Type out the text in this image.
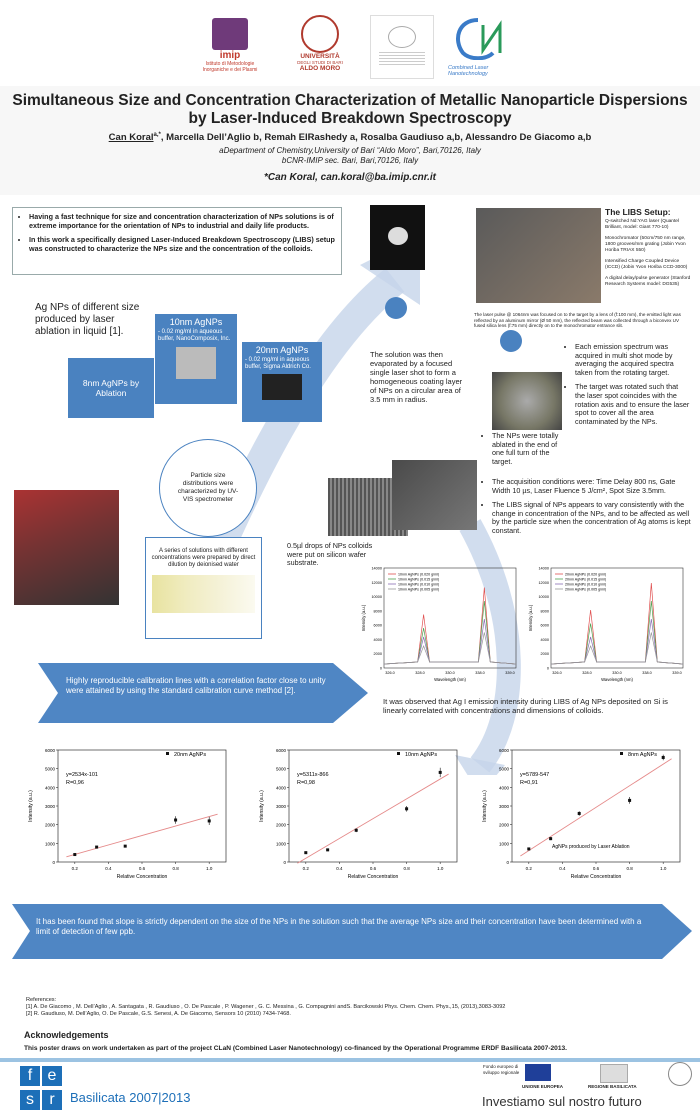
imip
Istituto di Metodologie Inorganiche e dei Plasmi
UNIVERSITÀ
DEGLI STUDI DI BARI
ALDO MORO	Combined Laser Nanotechnology
Simultaneous Size and Concentration Characterization of Metallic Nanoparticle Dispersions by Laser-Induced Breakdown Spectroscopy
Can Koral$^{a,*}$, Marcella Dell’Aglio b, Remah ElRashedy a, Rosalba Gaudiuso a,b, Alessandro De Giacomo a,b
aDepartment of Chemistry,University of Bari “Aldo Moro”, Bari,70126, Italy
bCNR-IMIP sec. Bari, Bari,70126, Italy
*Can Koral, can.koral@ba.imip.cnr.it
• Having a fast technique for size and concentration characterization of NPs solutions is of extreme importance for the orientation of NPs to industrial and daily life products.
• In this work a specifically designed Laser-Induced Breakdown Spectroscopy (LIBS) setup was constructed to characterize the NPs size and the concentration of the colloids.
The LIBS Setup:
Q-switched Nd:YAG laser (Quantel Brilliant, model: Giant 770-10)
Monochromator (50cm/750 nm range, 1800 grooves/mm grating (Jobin Yvon Horiba TRIAX 550)
Intensified Charge Coupled Device (ICCD) (Jobin Yvon Horiba CCD-3000)
A digital delay/pulse generator (Stanford Research Systems model: DG535)
The laser pulse @ 1064nm was focused on to the target by a lens of (f:100 mm), the emitted light was reflected by an aluminum mirror (Ø 50 mm), the reflected beam was collected through a biconvex UV fused silica lens (f:75 mm) directly on to the monochromator entrance slit.
Ag NPs of different size produced by laser ablation in liquid [1].
10nm AgNPs
- 0.02 mg/ml in aqueous buffer, NanoComposix, Inc.
20nm AgNPs
- 0.02 mg/ml in aqueous buffer, Sigma Aldrich Co.
8nm AgNPs by Ablation
Particle size distributions were characterized by UV-VIS spectrometer
A series of solutions with different concentrations were prepared by direct dilution by deionised water
The solution was then evaporated by a focused single laser shot to form a homogeneous coating layer of NPs on a circular area of 3.5 mm in radius.
0.5µl drops of NPs colloids were put on silicon wafer substrate.
• Each emission spectrum was acquired in multi shot mode by averaging the acquired spectra taken from the rotating target.
• The target was rotated such that the laser spot coincides with the rotation axis and to ensure the laser spot to cover all the area contaminated by the NPs.
• The NPs were totally ablated in the end of one full turn of the target.
• The acquisition conditions were: Time Delay 800 ns, Gate Width 10 µs, Laser Fluence 5 J/cm², Spot Size 3.5mm.
• The LIBS signal of NPs appears to vary consistently with the change in concentration of the NPs, and to be affected as well by the particle size when the concentration of Ag atoms is kept constant.
0
2000
4000
6000
8000
10000
12000
14000
326.0	328.0	330.0	338.0	339.0
10nm AgNPs (0.020 g/ml)
10nm AgNPs (0.015 g/ml)
10nm AgNPs (0.010 g/ml)
10nm AgNPs (0.005 g/ml)
Wavelength (nm)
Intensity (a.u.)
0
2000
4000
6000
8000
10000
12000
14000
326.0	328.0	330.0	338.0	339.0
20nm AgNPs (0.020 g/ml)
20nm AgNPs (0.015 g/ml)
20nm AgNPs (0.010 g/ml)
20nm AgNPs (0.005 g/ml)
Wavelength (nm)
Intensity (a.u.)
It was observed that Ag I emission intensity during LIBS of Ag NPs deposited on Si is linearly correlated with concentrations and dimensions of colloids.
Highly reproducible calibration lines with a correlation factor close to unity were attained by using the standard calibration curve method [2].
0
1000
2000
3000
4000
5000
6000
0.2	0.4	0.6	0.8	1.0
20nm AgNPs
y=2534x-101
R=0,96
Relative Concentration
Intensity (a.u.)
0
1000
2000
3000
4000
5000
6000
0.2	0.4	0.6	0.8	1.0
10nm AgNPs
y=5311x-866
R=0,98
Relative Concentration
Intensity (a.u.)
0
1000
2000
3000
4000
5000
6000
0.2	0.4	0.6	0.8	1.0
8nm AgNPs
y=5789-547
R=0,91
AgNPs produced by Laser Ablation
Relative Concentration
Intensity (a.u.)
It has been found that slope is strictly dependent on the size of the NPs in the solution such that the average NPs size and their concentration have been determined with a limit of detection of few ppb.
References:
[1] A. De Giacomo , M. Dell’Aglio , A. Santagata , R. Gaudiuso , O. De Pascale , P. Wagener , G. C. Messina , G. Compagnini andS. Barcikowski Phys. Chem. Chem. Phys.,15, (2013),3083-3092
[2] R. Gaudiuso, M. Dell’Aglio, O. De Pascale, G.S. Senesi, A. De Giacomo, Sensors 10 (2010) 7434-7468.
Acknowledgements
This poster draws on work undertaken as part of the project CLaN (Combined Laser Nanotechnology) co-financed by the Operational Programme ERDF Basilicata 2007-2013.
f e
s r	Basilicata 2007|2013
Fondo europeo di sviluppo regionale
UNIONE EUROPEA	REGIONE BASILICATA
Investiamo sul nostro futuro
